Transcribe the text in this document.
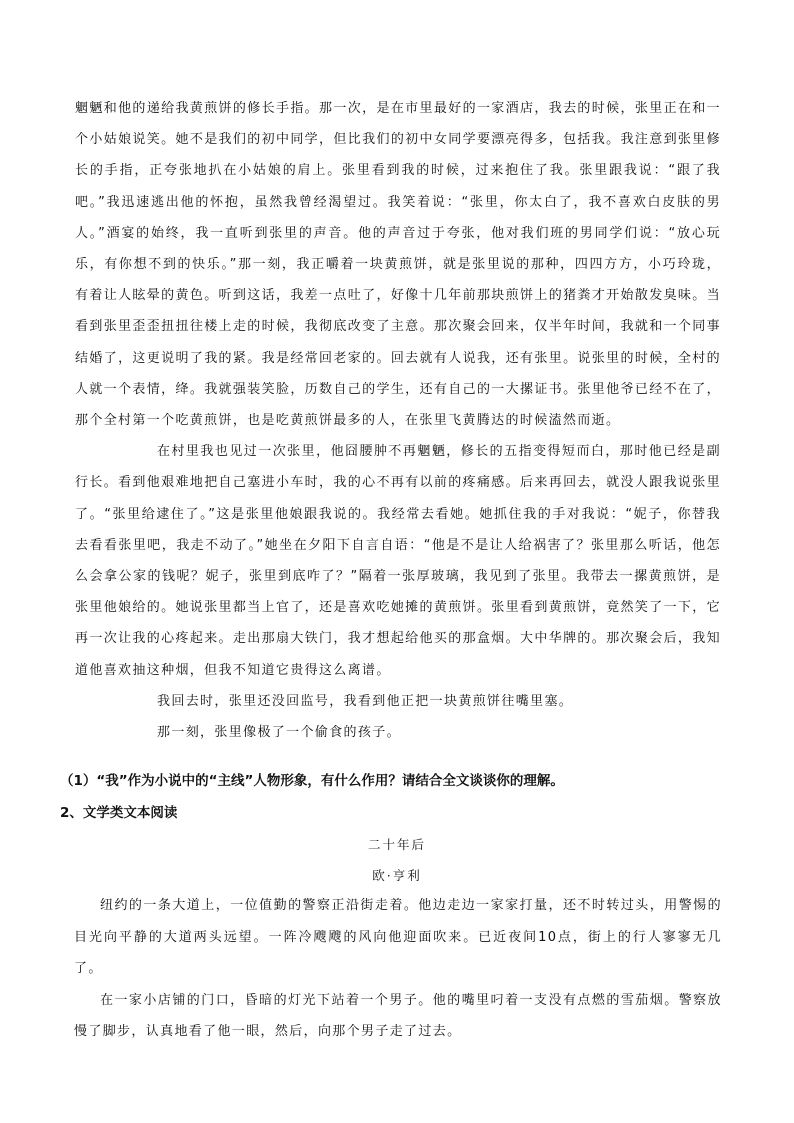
魍魉和他的递给我黄煎饼的修长手指。那一次，是在市里最好的一家酒店，我去的时候，张里正在和一个小姑娘说笑。她不是我们的初中同学，但比我们的初中女同学要漂亮得多，包括我。我注意到张里修长的手指，正夸张地扒在小姑娘的肩上。张里看到我的时候，过来抱住了我。张里跟我说：“跟了我吧。”我迅速逃出他的怀抱，虽然我曾经渴望过。我笑着说：“张里，你太白了，我不喜欢白皮肤的男人。”酒宴的始终，我一直听到张里的声音。他的声音过于夸张，他对我们班的男同学们说：“放心玩乐，有你想不到的快乐。”那一刻，我正嚼着一块黄煎饼，就是张里说的那种，四四方方，小巧玲珑，有着让人眩晕的黄色。听到这话，我差一点吐了，好像十几年前那块煎饼上的猪粪才开始散发臭味。当看到张里歪歪扭扭往楼上走的时候，我彻底改变了主意。那次聚会回来，仅半年时间，我就和一个同事结婚了，这更说明了我的紧。我是经常回老家的。回去就有人说我，还有张里。说张里的时候，全村的人就一个表情，绛。我就强装笑脸，历数自己的学生，还有自己的一大摞证书。张里他爷已经不在了，那个全村第一个吃黄煎饼，也是吃黄煎饼最多的人，在张里飞黄腾达的时候溘然而逝。

在村里我也见过一次张里，他囧腰肿不再魍魉，修长的五指变得短而白，那时他已经是副行长。看到他艰难地把自己塞进小车时，我的心不再有以前的疼痛感。后来再回去，就没人跟我说张里了。“张里给逮住了。”这是张里他娘跟我说的。我经常去看她。她抓住我的手对我说：“妮子，你替我去看看张里吧，我走不动了。”她坐在夕阳下自言自语：“他是不是让人给祸害了？张里那么听话，他怎么会拿公家的钱呢？妮子，张里到底咋了？”隔着一张厚玻璃，我见到了张里。我带去一摞黄煎饼，是张里他娘给的。她说张里都当上官了，还是喜欢吃她摊的黄煎饼。张里看到黄煎饼，竟然笑了一下，它再一次让我的心疼起来。走出那扇大铁门，我才想起给他买的那盒烟。大中华牌的。那次聚会后，我知道他喜欢抽这种烟，但我不知道它贵得这么离谱。

我回去时，张里还没回监号，我看到他正把一块黄煎饼往嘴里塞。

那一刻，张里像极了一个偷食的孩子。

（1）“我”作为小说中的“主线”人物形象，有什么作用？请结合全文谈谈你的理解。
2、文学类文本阅读
二十年后
欧·亨利

纽约的一条大道上，一位值勤的警察正沿街走着。他边走边一家家打量，还不时转过头，用警惕的目光向平静的大道两头远望。一阵冷飕飕的风向他迎面吹来。已近夜间10点，街上的行人寥寥无几了。

在一家小店铺的门口，昏暗的灯光下站着一个男子。他的嘴里叼着一支没有点燃的雪茄烟。警察放慢了脚步，认真地看了他一眼，然后，向那个男子走了过去。
